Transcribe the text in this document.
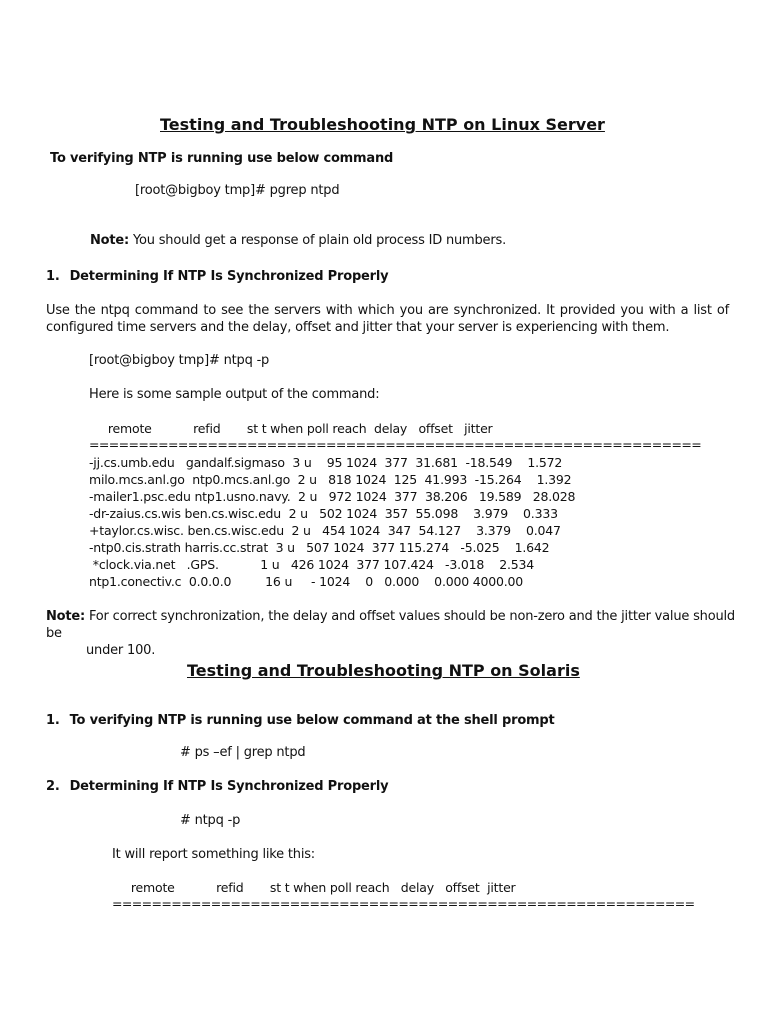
Testing and Troubleshooting NTP on Linux Server
To verifying NTP is running use below command
[root@bigboy tmp]# pgrep ntpd
Note: You should get a response of plain old process ID numbers.
1. Determining If NTP Is Synchronized Properly
Use the ntpq command to see the servers with which you are synchronized. It provided you with a list of configured time servers and the delay, offset and jitter that your server is experiencing with them.
[root@bigboy tmp]# ntpq -p
Here is some sample output of the command:
remote           refid       st t when poll reach  delay   offset   jitter
==============================================================
-jj.cs.umb.edu   gandalf.sigmaso  3 u    95 1024  377  31.681  -18.549    1.572
milo.mcs.anl.go  ntp0.mcs.anl.go  2 u   818 1024  125  41.993  -15.264    1.392
-mailer1.psc.edu ntp1.usno.navy.  2 u   972 1024  377  38.206   19.589   28.028
-dr-zaius.cs.wis ben.cs.wisc.edu  2 u   502 1024  357  55.098    3.979    0.333
+taylor.cs.wisc. ben.cs.wisc.edu  2 u   454 1024  347  54.127    3.379    0.047
-ntp0.cis.strath harris.cc.strat  3 u   507 1024  377 115.274   -5.025    1.642
*clock.via.net   .GPS.           1 u   426 1024  377 107.424   -3.018    2.534
ntp1.conectiv.c  0.0.0.0         16 u     - 1024    0   0.000    0.000 4000.00
Note: For correct synchronization, the delay and offset values should be non-zero and the jitter value should be
under 100.
Testing and Troubleshooting NTP on Solaris
1. To verifying NTP is running use below command at the shell prompt
# ps –ef | grep ntpd
2. Determining If NTP Is Synchronized Properly
# ntpq -p
It will report something like this:
remote           refid       st t when poll reach   delay   offset  jitter
===========================================================
